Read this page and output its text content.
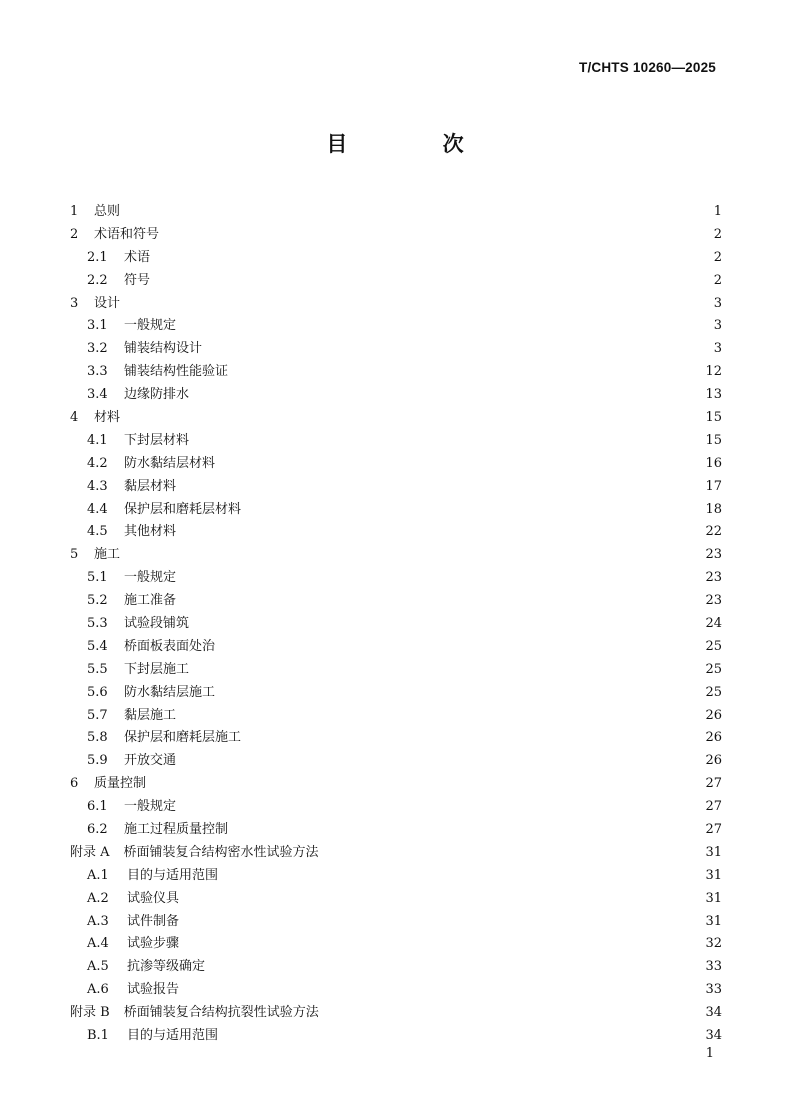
T/CHTS 10260—2025
目 次
1	总则	1
2	术语和符号	2
2.1	术语	2
2.2	符号	2
3	设计	3
3.1	一般规定	3
3.2	铺装结构设计	3
3.3	铺装结构性能验证	12
3.4	边缘防排水	13
4	材料	15
4.1	下封层材料	15
4.2	防水黏结层材料	16
4.3	黏层材料	17
4.4	保护层和磨耗层材料	18
4.5	其他材料	22
5	施工	23
5.1	一般规定	23
5.2	施工准备	23
5.3	试验段铺筑	24
5.4	桥面板表面处治	25
5.5	下封层施工	25
5.6	防水黏结层施工	25
5.7	黏层施工	26
5.8	保护层和磨耗层施工	26
5.9	开放交通	26
6	质量控制	27
6.1	一般规定	27
6.2	施工过程质量控制	27
附录 A 桥面铺装复合结构密水性试验方法	31
A.1	目的与适用范围	31
A.2	试验仪具	31
A.3	试件制备	31
A.4	试验步骤	32
A.5	抗渗等级确定	33
A.6	试验报告	33
附录 B 桥面铺装复合结构抗裂性试验方法	34
B.1	目的与适用范围	34
1
